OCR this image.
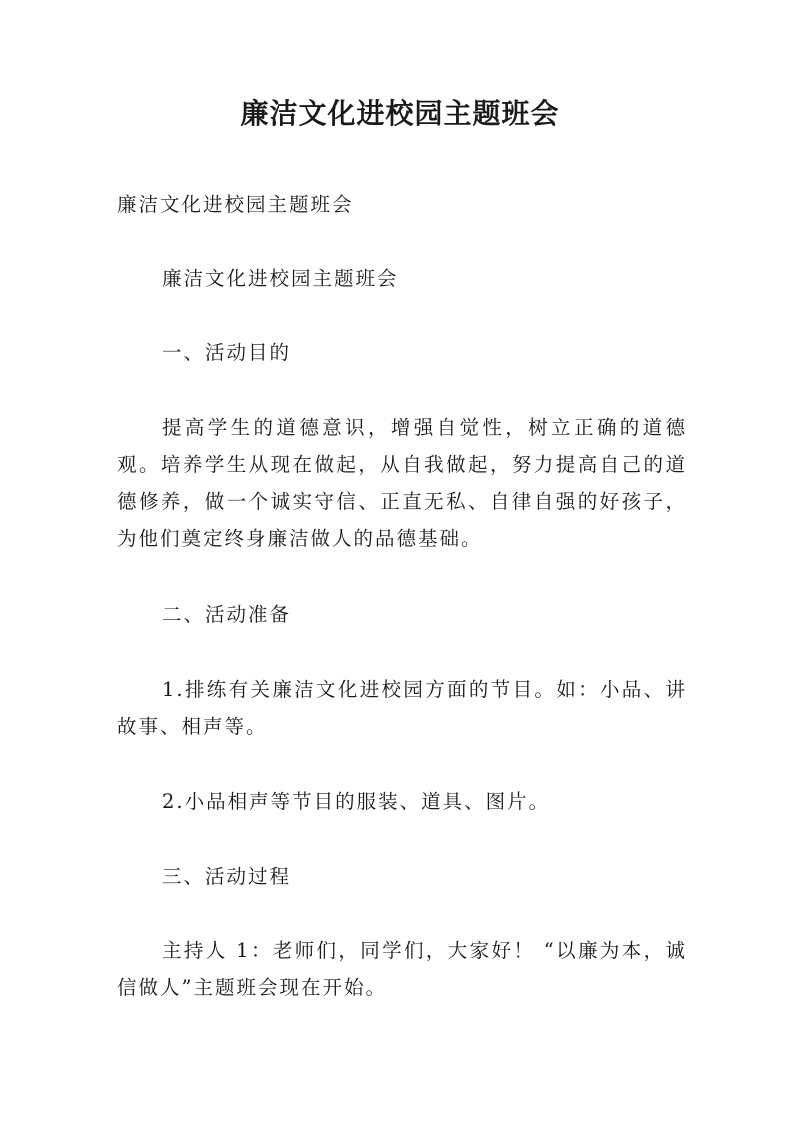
廉洁文化进校园主题班会

廉洁文化进校园主题班会

廉洁文化进校园主题班会

一、活动目的

提高学生的道德意识，增强自觉性，树立正确的道德观。培养学生从现在做起，从自我做起，努力提高自己的道德修养，做一个诚实守信、正直无私、自律自强的好孩子，为他们奠定终身廉洁做人的品德基础。

二、活动准备

1.排练有关廉洁文化进校园方面的节目。如：小品、讲故事、相声等。

2.小品相声等节目的服装、道具、图片。

三、活动过程

主持人 1：老师们，同学们，大家好！ “以廉为本，诚信做人”主题班会现在开始。
